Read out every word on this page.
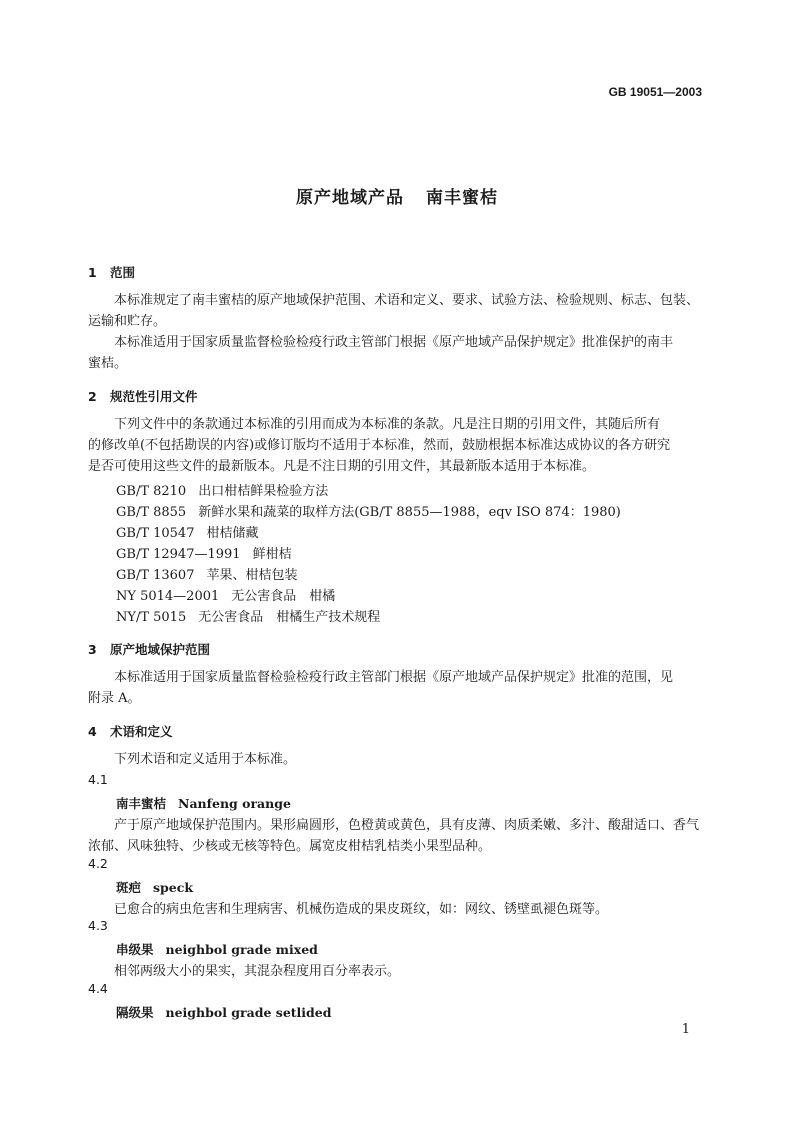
GB 19051—2003
原产地域产品 南丰蜜桔
1 范围
本标准规定了南丰蜜桔的原产地域保护范围、术语和定义、要求、试验方法、检验规则、标志、包装、
运输和贮存。
本标准适用于国家质量监督检验检疫行政主管部门根据《原产地域产品保护规定》批准保护的南丰
蜜桔。
2 规范性引用文件
下列文件中的条款通过本标准的引用而成为本标准的条款。凡是注日期的引用文件，其随后所有
的修改单(不包括勘误的内容)或修订版均不适用于本标准，然而，鼓励根据本标准达成协议的各方研究
是否可使用这些文件的最新版本。凡是不注日期的引用文件，其最新版本适用于本标准。
GB/T 8210 出口柑桔鲜果检验方法
GB/T 8855 新鲜水果和蔬菜的取样方法(GB/T 8855—1988，eqv ISO 874：1980)
GB/T 10547 柑桔储藏
GB/T 12947—1991 鲜柑桔
GB/T 13607 苹果、柑桔包装
NY 5014—2001 无公害食品　柑橘
NY/T 5015 无公害食品　柑橘生产技术规程
3 原产地域保护范围
本标准适用于国家质量监督检验检疫行政主管部门根据《原产地域产品保护规定》批准的范围，见
附录 A。
4 术语和定义
下列术语和定义适用于本标准。
4.1
南丰蜜桔 Nanfeng orange
产于原产地域保护范围内。果形扁圆形，色橙黄或黄色，具有皮薄、肉质柔嫩、多汁、酸甜适口、香气
浓郁、风味独特、少核或无核等特色。属宽皮柑桔乳桔类小果型品种。
4.2
斑疤 speck
已愈合的病虫危害和生理病害、机械伤造成的果皮斑纹，如：网纹、锈壁虱褪色斑等。
4.3
串级果 neighbol grade mixed
相邻两级大小的果实，其混杂程度用百分率表示。
4.4
隔级果 neighbol grade setlided
1
